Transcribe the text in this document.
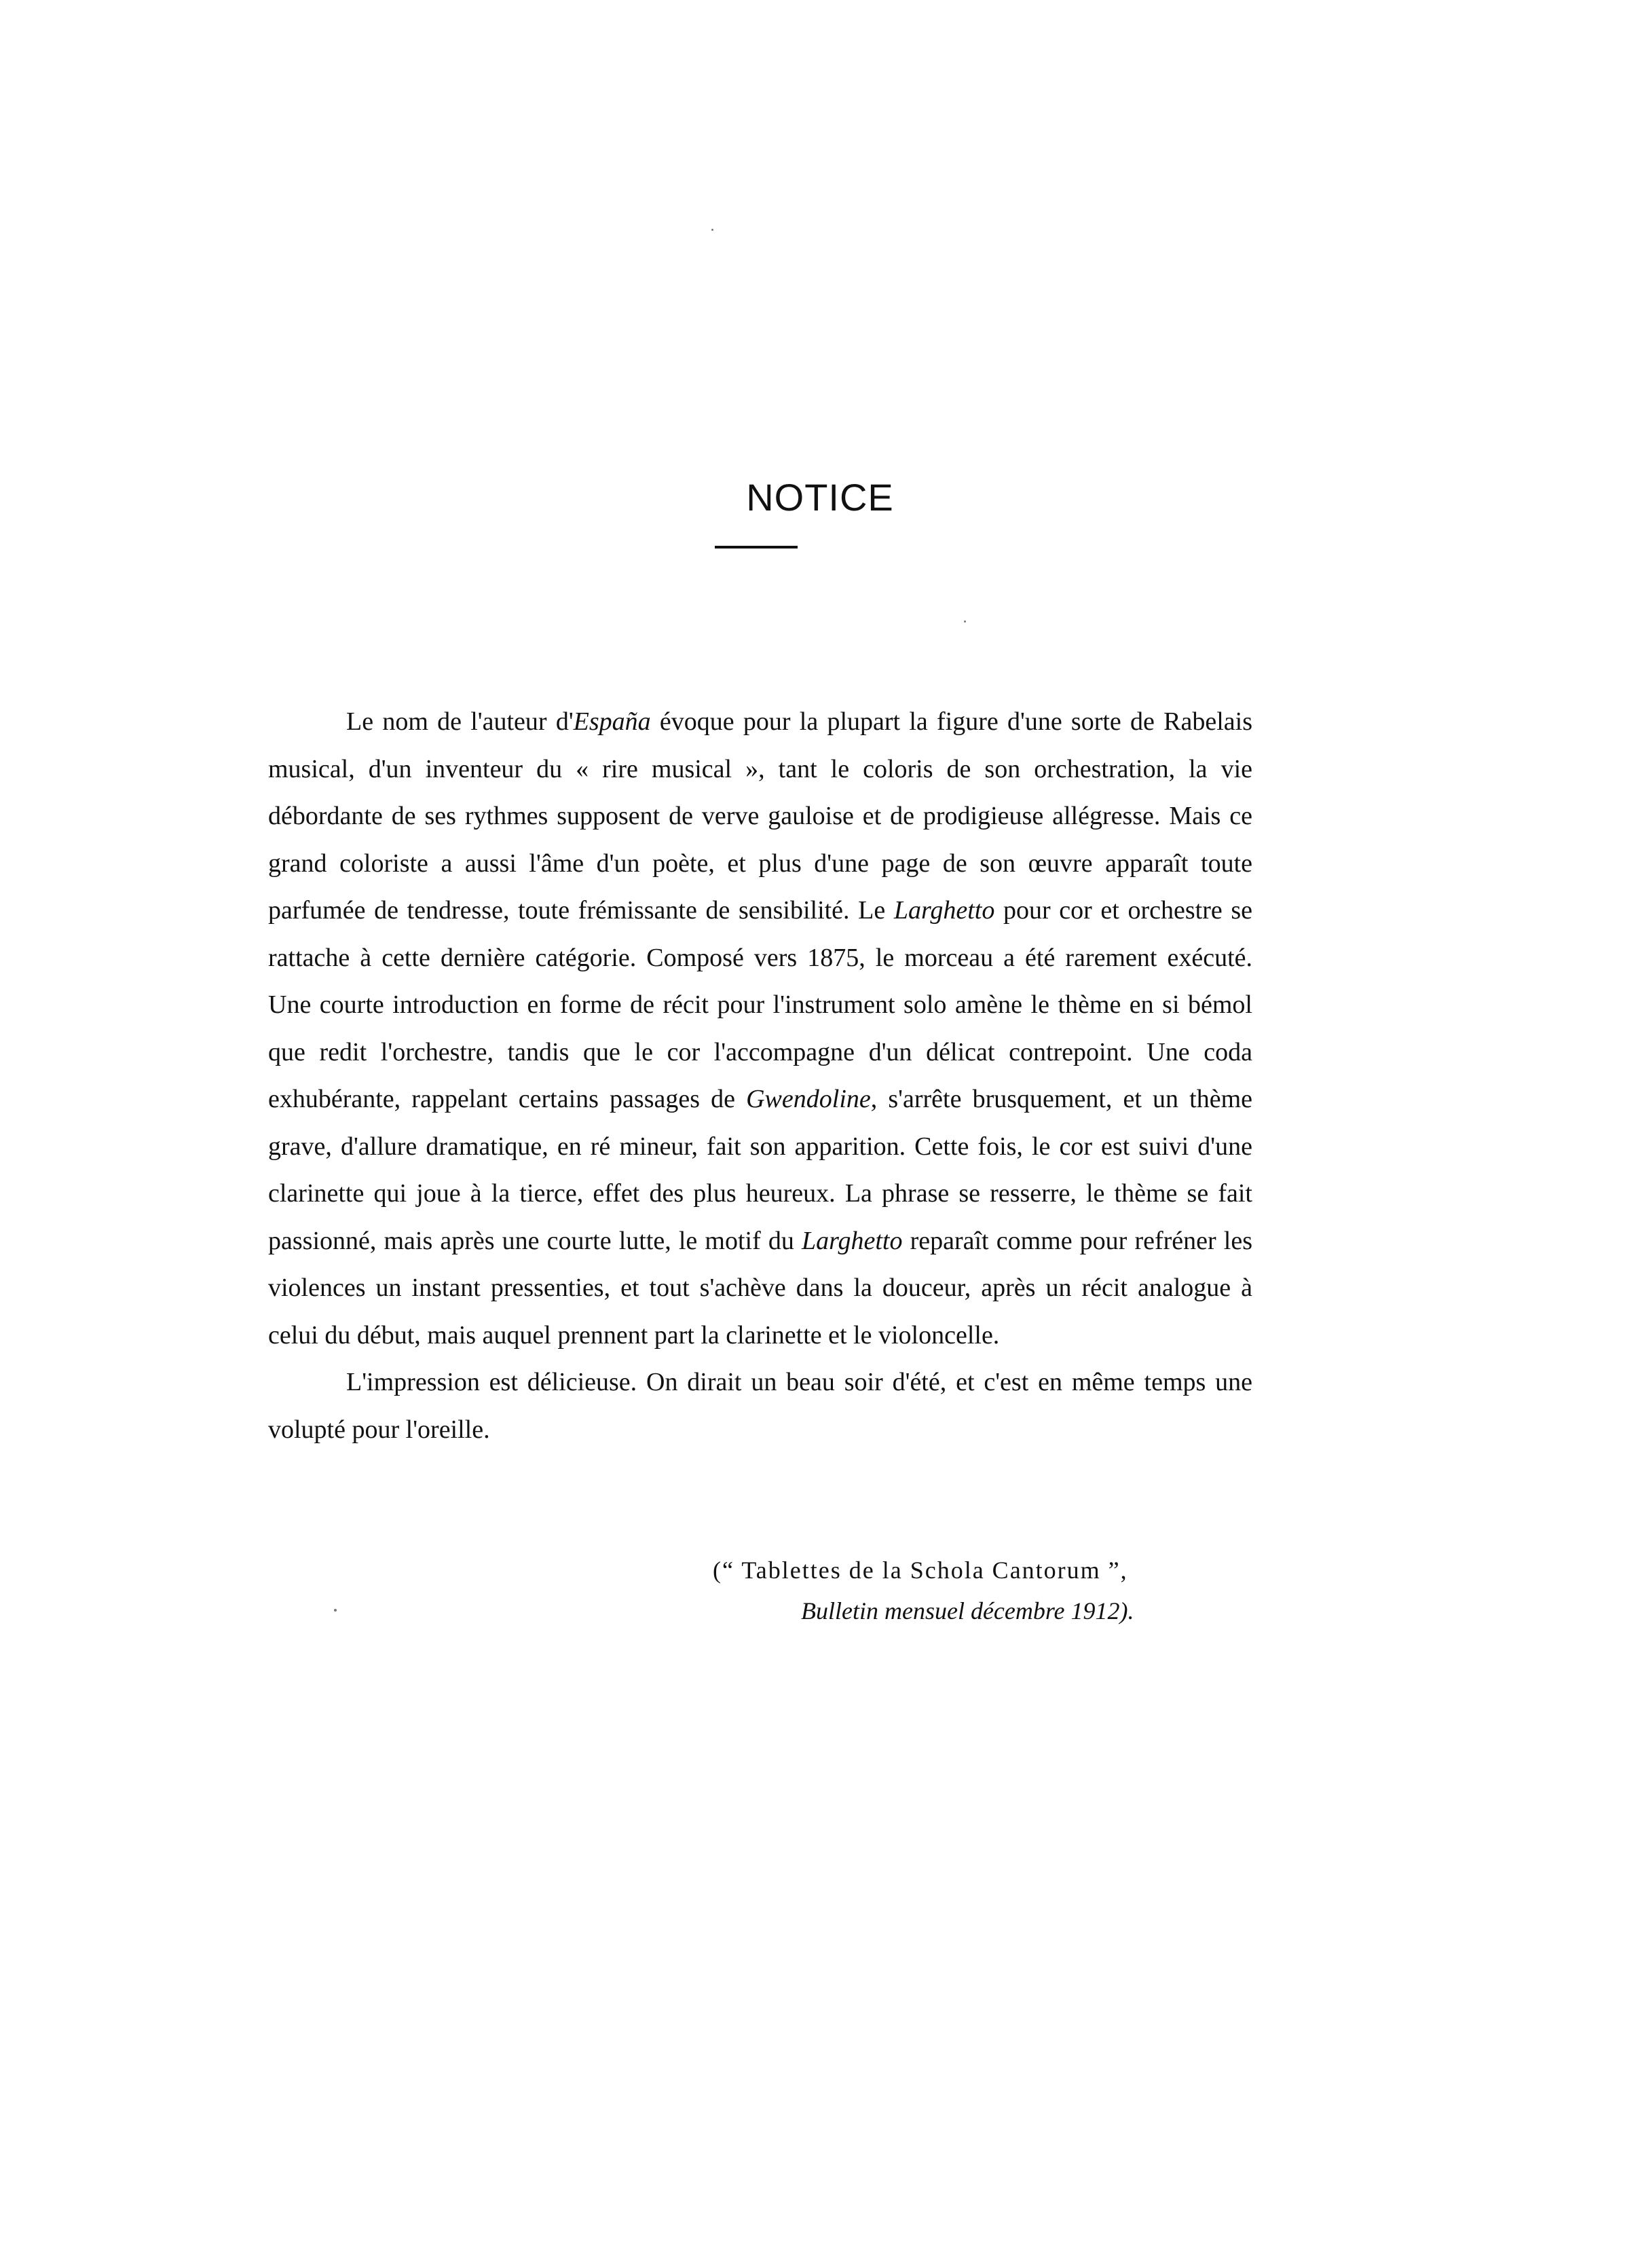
NOTICE

Le nom de l'auteur d'España évoque pour la plupart la figure d'une sorte de Rabelais musical, d'un inventeur du « rire musical », tant le coloris de son orchestration, la vie débordante de ses rythmes supposent de verve gauloise et de prodigieuse allégresse. Mais ce grand coloriste a aussi l'âme d'un poète, et plus d'une page de son œuvre apparaît toute parfumée de tendresse, toute frémissante de sensibilité. Le Larghetto pour cor et orchestre se rattache à cette dernière catégorie. Composé vers 1875, le morceau a été rarement exécuté. Une courte introduction en forme de récit pour l'instrument solo amène le thème en si bémol que redit l'orchestre, tandis que le cor l'accompagne d'un délicat contrepoint. Une coda exhubérante, rappelant certains passages de Gwendoline, s'arrête brusquement, et un thème grave, d'allure dramatique, en ré mineur, fait son apparition. Cette fois, le cor est suivi d'une clarinette qui joue à la tierce, effet des plus heureux. La phrase se resserre, le thème se fait passionné, mais après une courte lutte, le motif du Larghetto reparaît comme pour refréner les violences un instant pressenties, et tout s'achève dans la douceur, après un récit analogue à celui du début, mais auquel prennent part la clarinette et le violoncelle.

L'impression est délicieuse. On dirait un beau soir d'été, et c'est en même temps une volupté pour l'oreille.

(“ Tablettes de la Schola Cantorum ”,
Bulletin mensuel décembre 1912).
